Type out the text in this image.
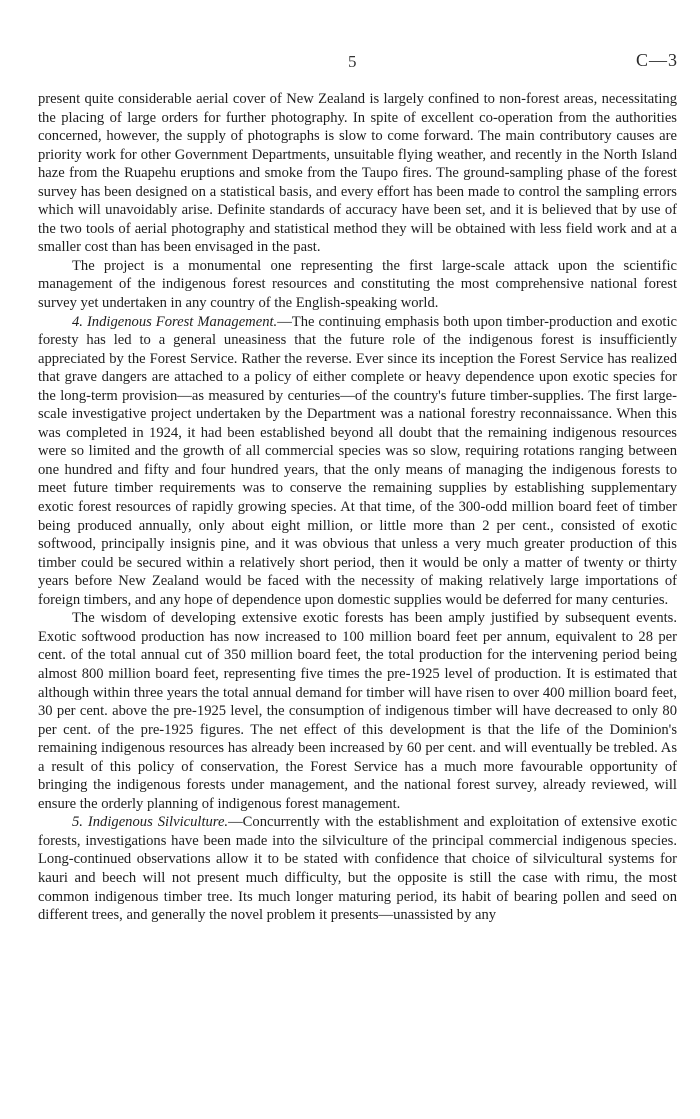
5	C—3

present quite considerable aerial cover of New Zealand is largely confined to non-forest areas, necessitating the placing of large orders for further photography. In spite of excellent co-operation from the authorities concerned, however, the supply of photographs is slow to come forward. The main contributory causes are priority work for other Government Departments, unsuitable flying weather, and recently in the North Island haze from the Ruapehu eruptions and smoke from the Taupo fires. The ground-sampling phase of the forest survey has been designed on a statistical basis, and every effort has been made to control the sampling errors which will unavoidably arise. Definite standards of accuracy have been set, and it is believed that by use of the two tools of aerial photography and statistical method they will be obtained with less field work and at a smaller cost than has been envisaged in the past.

The project is a monumental one representing the first large-scale attack upon the scientific management of the indigenous forest resources and constituting the most comprehensive national forest survey yet undertaken in any country of the English-speaking world.

4. Indigenous Forest Management.—The continuing emphasis both upon timber-production and exotic foresty has led to a general uneasiness that the future role of the indigenous forest is insufficiently appreciated by the Forest Service. Rather the reverse. Ever since its inception the Forest Service has realized that grave dangers are attached to a policy of either complete or heavy dependence upon exotic species for the long-term provision—as measured by centuries—of the country's future timber-supplies. The first large-scale investigative project undertaken by the Department was a national forestry reconnaissance. When this was completed in 1924, it had been established beyond all doubt that the remaining indigenous resources were so limited and the growth of all commercial species was so slow, requiring rotations ranging between one hundred and fifty and four hundred years, that the only means of managing the indigenous forests to meet future timber requirements was to conserve the remaining supplies by establishing supplementary exotic forest resources of rapidly growing species. At that time, of the 300-odd million board feet of timber being produced annually, only about eight million, or little more than 2 per cent., consisted of exotic softwood, principally insignis pine, and it was obvious that unless a very much greater production of this timber could be secured within a relatively short period, then it would be only a matter of twenty or thirty years before New Zealand would be faced with the necessity of making relatively large importations of foreign timbers, and any hope of dependence upon domestic supplies would be deferred for many centuries.

The wisdom of developing extensive exotic forests has been amply justified by subsequent events. Exotic softwood production has now increased to 100 million board feet per annum, equivalent to 28 per cent. of the total annual cut of 350 million board feet, the total production for the intervening period being almost 800 million board feet, representing five times the pre-1925 level of production. It is estimated that although within three years the total annual demand for timber will have risen to over 400 million board feet, 30 per cent. above the pre-1925 level, the consumption of indigenous timber will have decreased to only 80 per cent. of the pre-1925 figures. The net effect of this development is that the life of the Dominion's remaining indigenous resources has already been increased by 60 per cent. and will eventually be trebled. As a result of this policy of conservation, the Forest Service has a much more favourable opportunity of bringing the indigenous forests under management, and the national forest survey, already reviewed, will ensure the orderly planning of indigenous forest management.

5. Indigenous Silviculture.—Concurrently with the establishment and exploitation of extensive exotic forests, investigations have been made into the silviculture of the principal commercial indigenous species. Long-continued observations allow it to be stated with confidence that choice of silvicultural systems for kauri and beech will not present much difficulty, but the opposite is still the case with rimu, the most common indigenous timber tree. Its much longer maturing period, its habit of bearing pollen and seed on different trees, and generally the novel problem it presents—unassisted by any
